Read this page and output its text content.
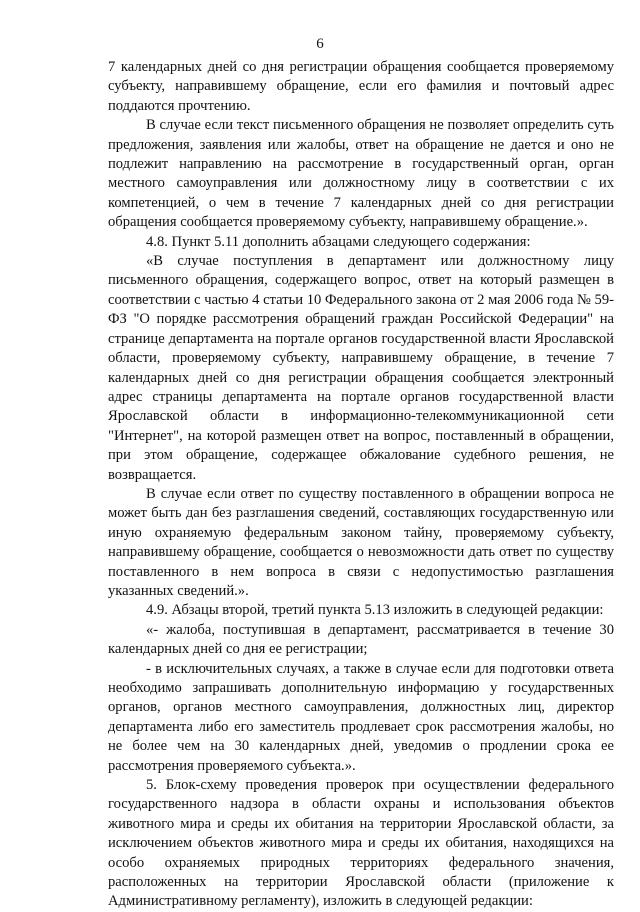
6

7 календарных дней со дня регистрации обращения сообщается проверяемому субъекту, направившему обращение, если его фамилия и почтовый адрес поддаются прочтению.

В случае если текст письменного обращения не позволяет определить суть предложения, заявления или жалобы, ответ на обращение не дается и оно не подлежит направлению на рассмотрение в государственный орган, орган местного самоуправления или должностному лицу в соответствии с их компетенцией, о чем в течение 7 календарных дней со дня регистрации обращения сообщается проверяемому субъекту, направившему обращение.».

4.8. Пункт 5.11 дополнить абзацами следующего содержания:

«В случае поступления в департамент или должностному лицу письменного обращения, содержащего вопрос, ответ на который размещен в соответствии с частью 4 статьи 10 Федерального закона от 2 мая 2006 года № 59-ФЗ "О порядке рассмотрения обращений граждан Российской Федерации" на странице департамента на портале органов государственной власти Ярославской области, проверяемому субъекту, направившему обращение, в течение 7 календарных дней со дня регистрации обращения сообщается электронный адрес страницы департамента на портале органов государственной власти Ярославской области в информационно-телекоммуникационной сети "Интернет", на которой размещен ответ на вопрос, поставленный в обращении, при этом обращение, содержащее обжалование судебного решения, не возвращается.

В случае если ответ по существу поставленного в обращении вопроса не может быть дан без разглашения сведений, составляющих государственную или иную охраняемую федеральным законом тайну, проверяемому субъекту, направившему обращение, сообщается о невозможности дать ответ по существу поставленного в нем вопроса в связи с недопустимостью разглашения указанных сведений.».

4.9. Абзацы второй, третий пункта 5.13 изложить в следующей редакции:

«- жалоба, поступившая в департамент, рассматривается в течение 30 календарных дней со дня ее регистрации;

- в исключительных случаях, а также в случае если для подготовки ответа необходимо запрашивать дополнительную информацию у государственных органов, органов местного самоуправления, должностных лиц, директор департамента либо его заместитель продлевает срок рассмотрения жалобы, но не более чем на 30 календарных дней, уведомив о продлении срока ее рассмотрения проверяемого субъекта.».

5. Блок-схему проведения проверок при осуществлении федерального государственного надзора в области охраны и использования объектов животного мира и среды их обитания на территории Ярославской области, за исключением объектов животного мира и среды их обитания, находящихся на особо охраняемых природных территориях федерального значения, расположенных на территории Ярославской области (приложение к Административному регламенту), изложить в следующей редакции:
